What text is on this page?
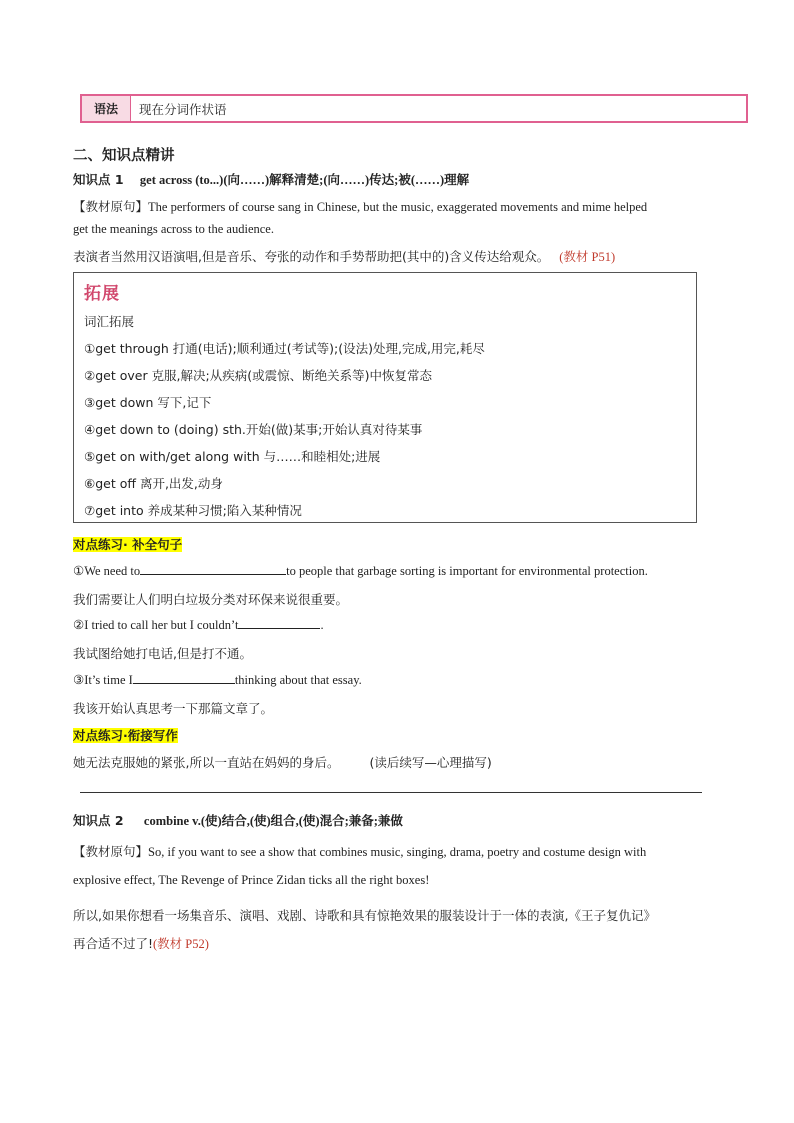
语法	现在分词作状语
二、知识点精讲
知识点 1 get across (to...)(向……)解释清楚;(向……)传达;被(……)理解
【教材原句】The performers of course sang in Chinese, but the music, exaggerated movements and mime helped
get the meanings across to the audience.
表演者当然用汉语演唱,但是音乐、夸张的动作和手势帮助把(其中的)含义传达给观众。 (教材 P51)
拓展
词汇拓展
①get through 打通(电话);顺利通过(考试等);(设法)处理,完成,用完,耗尽
②get over 克服,解决;从疾病(或震惊、断绝关系等)中恢复常态
③get down 写下,记下
④get down to (doing) sth.开始(做)某事;开始认真对待某事
⑤get on with/get along with 与……和睦相处;进展
⑥get off 离开,出发,动身
⑦get into 养成某种习惯;陷入某种情况
对点练习· 补全句子
①We need to	to people that garbage sorting is important for environmental protection.
我们需要让人们明白垃圾分类对环保来说很重要。
②I tried to call her but I couldn’t	.
我试图给她打电话,但是打不通。
③It’s time I	thinking about that essay.
我该开始认真思考一下那篇文章了。
对点练习·衔接写作
她无法克服她的紧张,所以一直站在妈妈的身后。 (读后续写—心理描写)
知识点 2 combine v.(使)结合,(使)组合,(使)混合;兼备;兼做
【教材原句】So, if you want to see a show that combines music, singing, drama, poetry and costume design with
explosive effect, The Revenge of Prince Zidan ticks all the right boxes!
所以,如果你想看一场集音乐、演唱、戏剧、诗歌和具有惊艳效果的服装设计于一体的表演,《王子复仇记》
再合适不过了!(教材 P52)
